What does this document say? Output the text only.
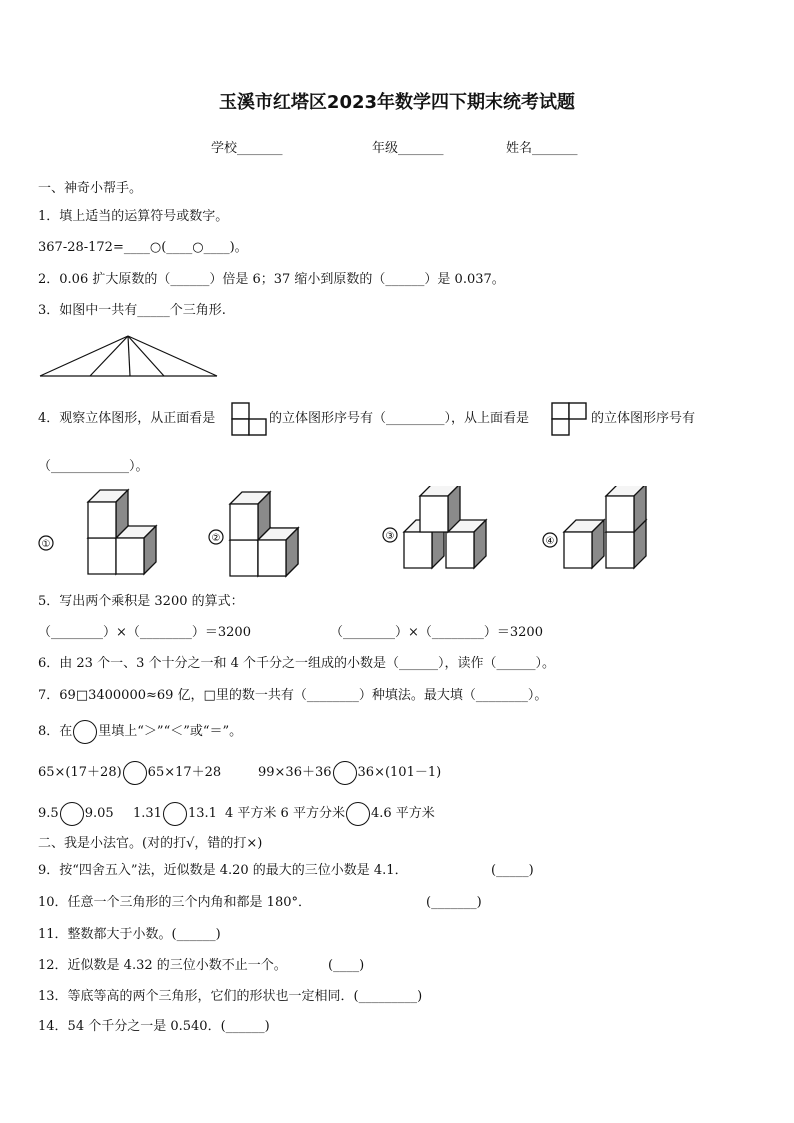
玉溪市红塔区2023年数学四下期末统考试题
学校_______	年级_______	姓名_______
一、神奇小帮手。
1．填上适当的运算符号或数字。
367-28-172=____○(____○____)。
2．0.06 扩大原数的（______）倍是 6；37 缩小到原数的（______）是 0.037。
3．如图中一共有_____个三角形.
4．观察立体图形，从正面看是	的立体图形序号有（_________），从上面看是	的立体图形序号有
（____________）。
①
②	③	④
5．写出两个乘积是 3200 的算式：
（________）×（________）＝3200	（________）×（________）＝3200
6．由 23 个一、3 个十分之一和 4 个千分之一组成的小数是（______），读作（______）。
7．69□3400000≈69 亿，□里的数一共有（________）种填法。最大填（________）。
8．在 里填上“＞”“＜”或“＝”。
65×(17＋28) 65×17＋28	99×36＋36 36×(101－1)
9.5 9.05 1.31 13.1 4 平方米 6 平方分米 4.6 平方米
二、我是小法官。(对的打√，错的打×)
9．按“四舍五入”法，近似数是 4.20 的最大的三位小数是 4.1．	(_____)
10．任意一个三角形的三个内角和都是 180°．	(_______)
11．整数都大于小数。(______)
12．近似数是 4.32 的三位小数不止一个。	(____)
13．等底等高的两个三角形，它们的形状也一定相同．(_________)
14．54 个千分之一是 0.540．(______)
